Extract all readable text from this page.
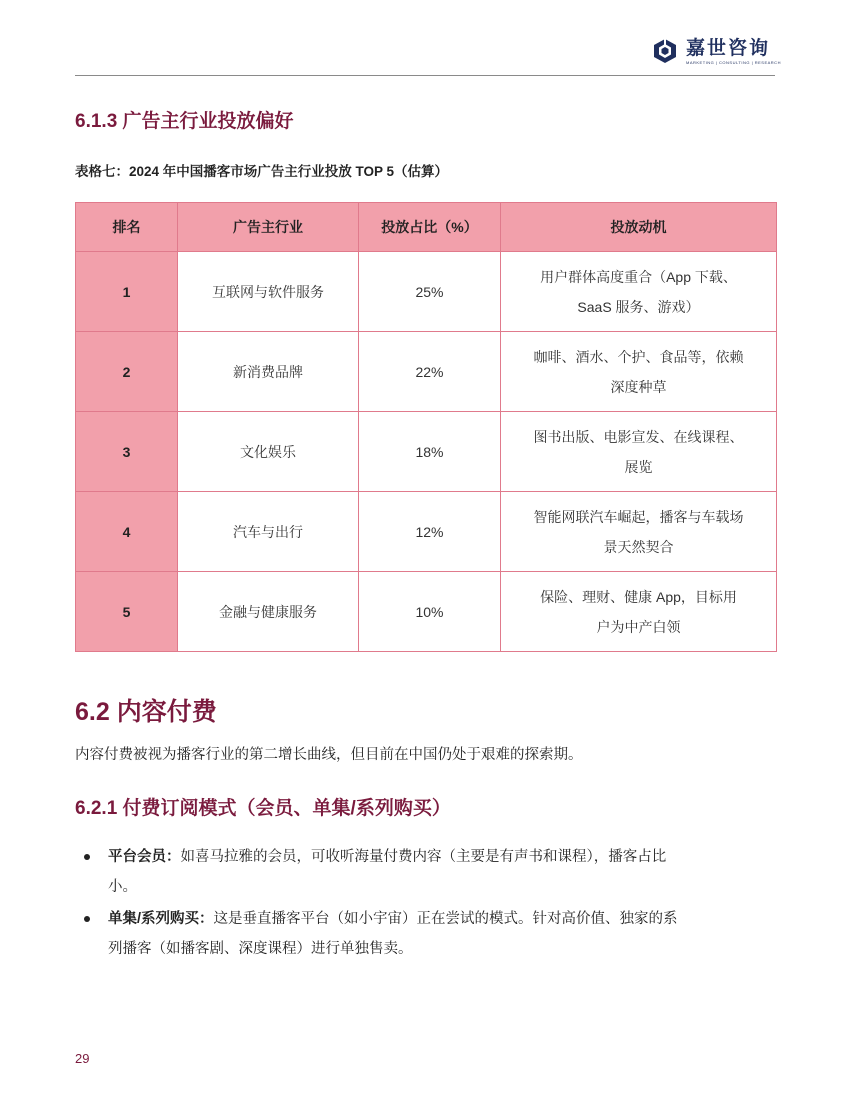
嘉世咨询
MARKETING | CONSULTING | RESEARCH
6.1.3 广告主行业投放偏好
表格七：2024 年中国播客市场广告主行业投放 TOP 5（估算）
排名	广告主行业	投放占比（%）	投放动机
1	互联网与软件服务	25%	用户群体高度重合（App 下载、
SaaS 服务、游戏）
2	新消费品牌	22%	咖啡、酒水、个护、食品等，依赖
深度种草
3	文化娱乐	18%	图书出版、电影宣发、在线课程、
展览
4	汽车与出行	12%	智能网联汽车崛起，播客与车载场
景天然契合
5	金融与健康服务	10%	保险、理财、健康 App，目标用
户为中产白领
6.2 内容付费
内容付费被视为播客行业的第二增长曲线，但目前在中国仍处于艰难的探索期。
6.2.1 付费订阅模式（会员、单集/系列购买）
平台会员：如喜马拉雅的会员，可收听海量付费内容（主要是有声书和课程），播客占比
小。
单集/系列购买：这是垂直播客平台（如小宇宙）正在尝试的模式。针对高价值、独家的系
列播客（如播客剧、深度课程）进行单独售卖。
29
